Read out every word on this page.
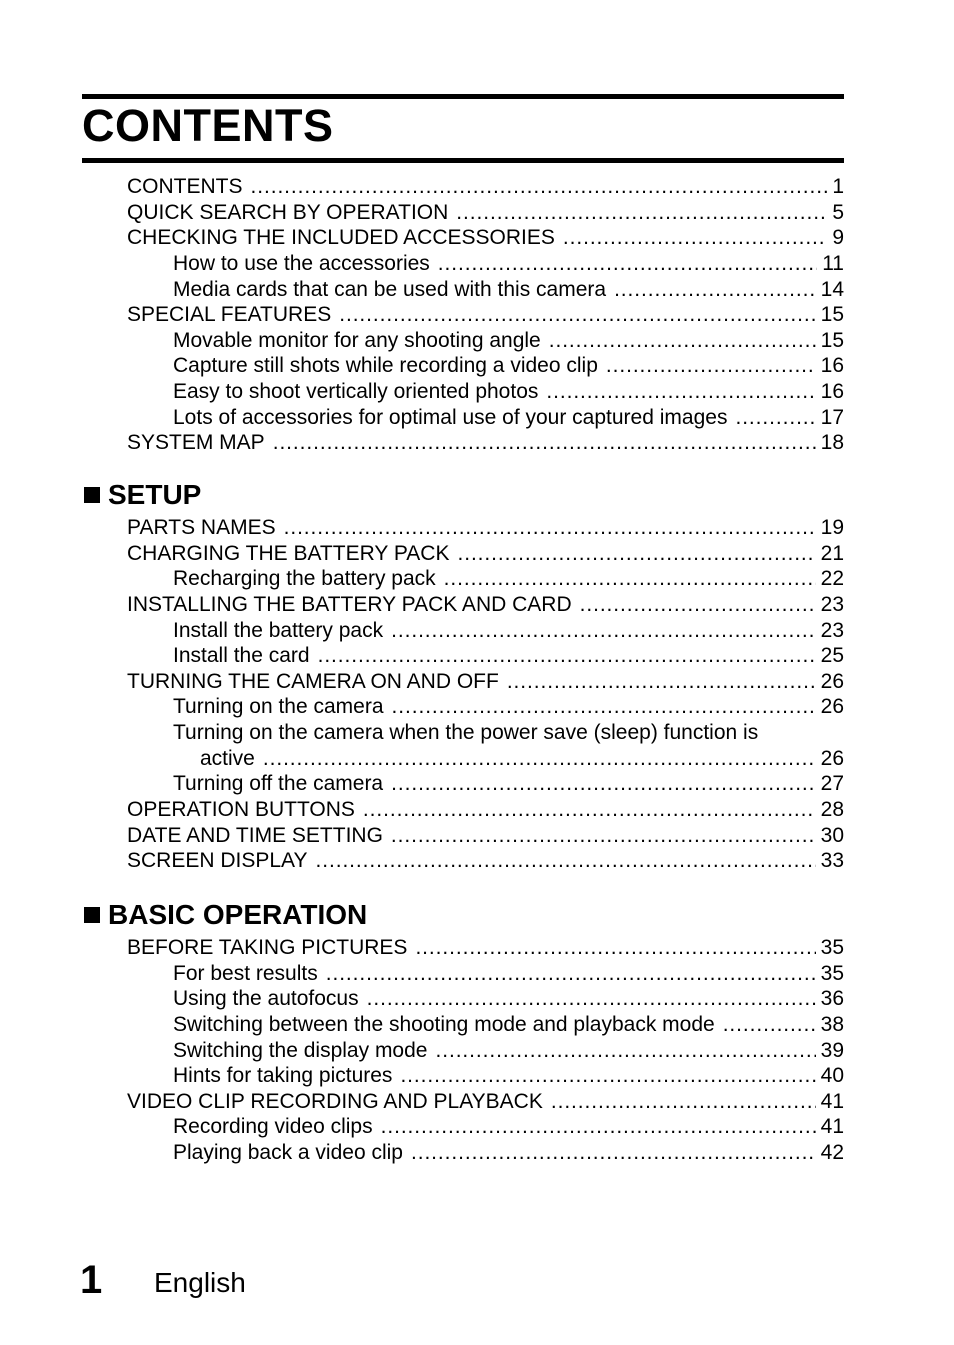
CONTENTS
CONTENTS .....	1
QUICK SEARCH BY OPERATION .....	5
CHECKING THE INCLUDED ACCESSORIES .....	9
How to use the accessories .....	11
Media cards that can be used with this camera .....	14
SPECIAL FEATURES .....	15
Movable monitor for any shooting angle .....	15
Capture still shots while recording a video clip .....	16
Easy to shoot vertically oriented photos .....	16
Lots of accessories for optimal use of your captured images .....	17
SYSTEM MAP .....	18
SETUP
PARTS NAMES .....	19
CHARGING THE BATTERY PACK .....	21
Recharging the battery pack .....	22
INSTALLING THE BATTERY PACK AND CARD .....	23
Install the battery pack .....	23
Install the card .....	25
TURNING THE CAMERA ON AND OFF .....	26
Turning on the camera .....	26
Turning on the camera when the power save (sleep) function is
active .....	26
Turning off the camera .....	27
OPERATION BUTTONS .....	28
DATE AND TIME SETTING .....	30
SCREEN DISPLAY .....	33
BASIC OPERATION
BEFORE TAKING PICTURES .....	35
For best results .....	35
Using the autofocus .....	36
Switching between the shooting mode and playback mode .....	38
Switching the display mode .....	39
Hints for taking pictures .....	40
VIDEO CLIP RECORDING AND PLAYBACK .....	41
Recording video clips .....	41
Playing back a video clip .....	42
1 English
